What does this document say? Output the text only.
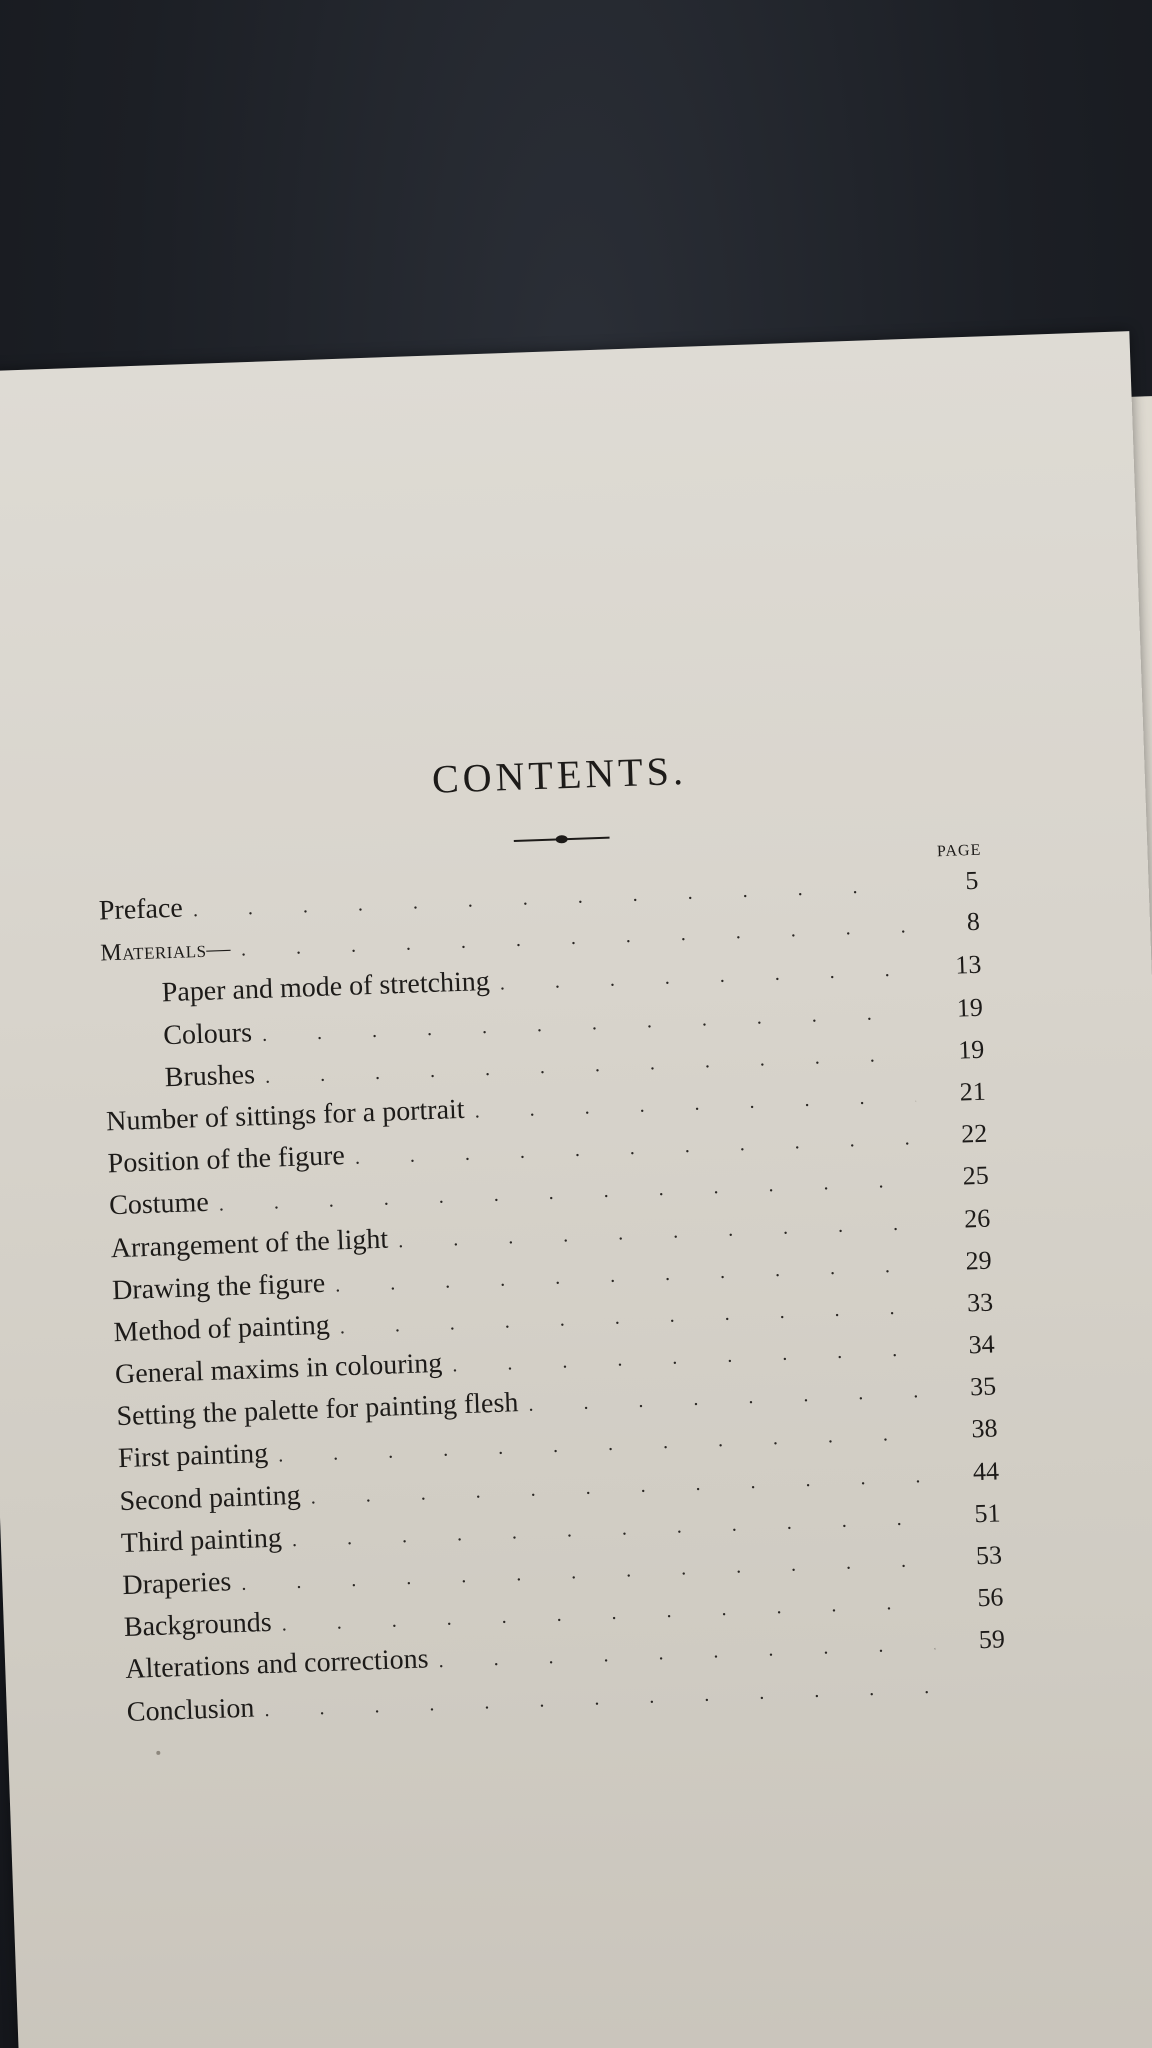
CONTENTS.
PAGE
Preface
.
5
Materials—
.
8
Paper and mode of stretching
.
13
Colours
.
19
Brushes
.
19
Number of sittings for a portrait
.
21
Position of the figure
.
22
Costume
.
25
Arrangement of the light
.
26
Drawing the figure
.
29
Method of painting
.
33
General maxims in colouring
.
34
Setting the palette for painting flesh
.
35
First painting
.
38
Second painting
.
44
Third painting
.
51
Draperies
.
53
Backgrounds
.
56
Alterations and corrections
.
59
Conclusion
.
